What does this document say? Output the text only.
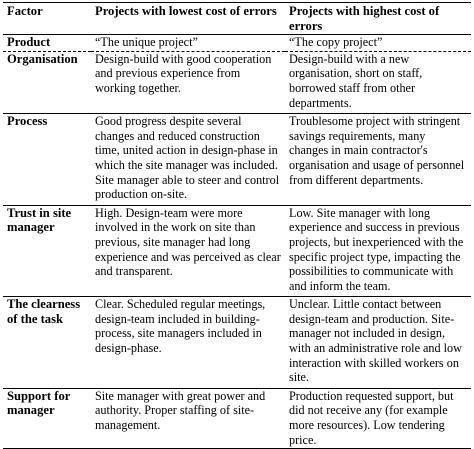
Factor	Projects with lowest cost of errors	Projects with highest cost of errors
Product	“The unique project”	“The copy project”
Organisation	Design-build with good cooperation and previous experience from working together.	Design-build with a new organisation, short on staff, borrowed staff from other departments.
Process	Good progress despite several changes and reduced construction time, united action in design-phase in which the site manager was included. Site manager able to steer and control production on-site.	Troublesome project with stringent savings requirements, many changes in main contractor's organisation and usage of personnel from different departments.
Trust in site manager	High. Design-team were more involved in the work on site than previous, site manager had long experience and was perceived as clear and transparent.	Low. Site manager with long experience and success in previous projects, but inexperienced with the specific project type, impacting the possibilities to communicate with and inform the team.
The clearness of the task	Clear. Scheduled regular meetings, design-team included in building-process, site managers included in design-phase.	Unclear. Little contact between design-team and production. Site-manager not included in design, with an administrative role and low interaction with skilled workers on site.
Support for manager	Site manager with great power and authority. Proper staffing of site-management.	Production requested support, but did not receive any (for example more resources). Low tendering price.
